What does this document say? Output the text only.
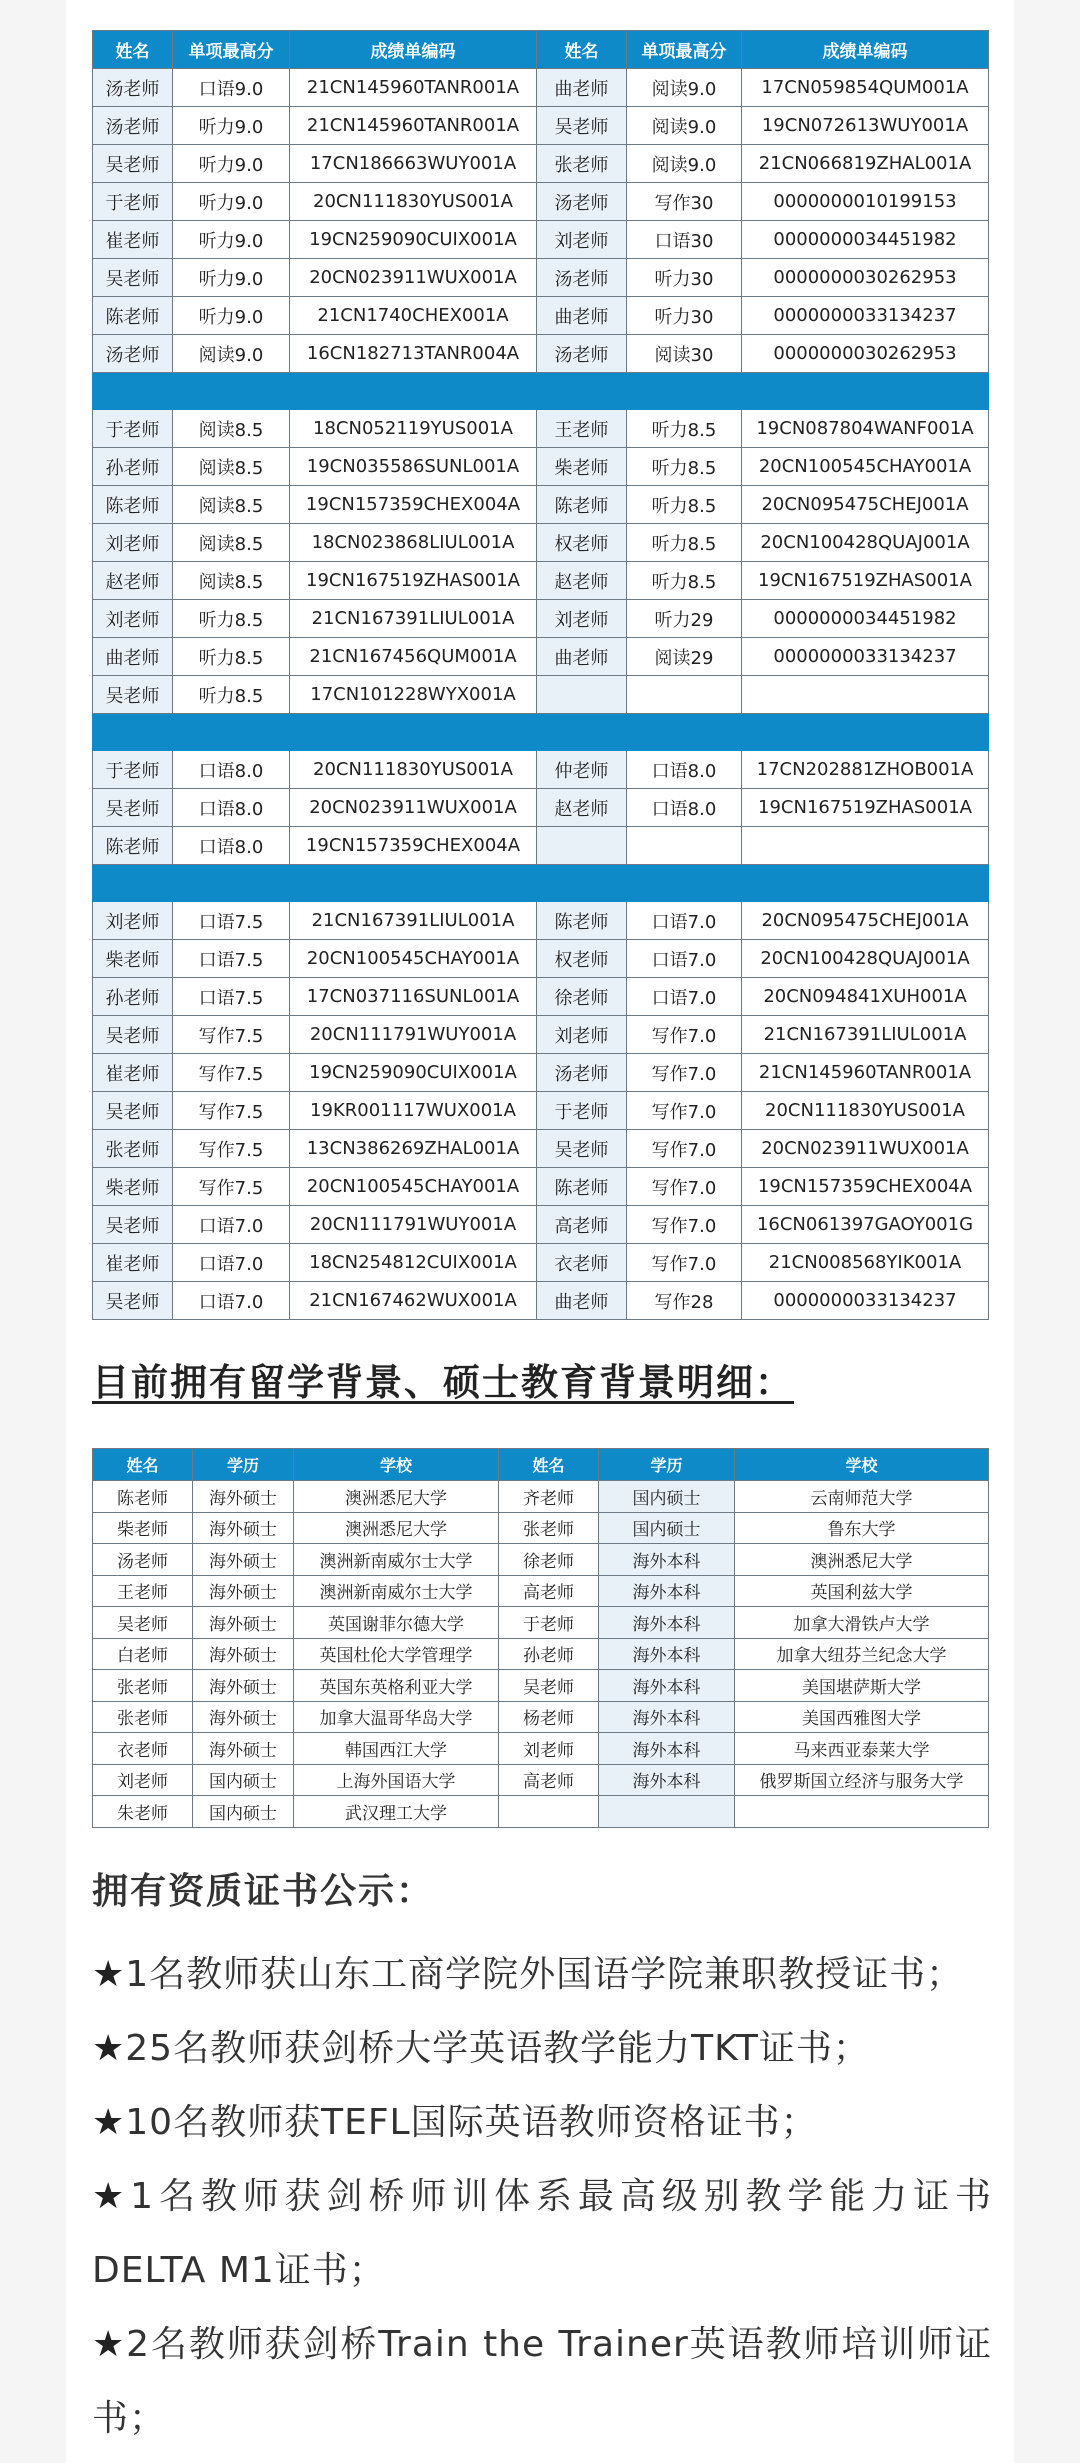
姓名	单项最高分	成绩单编码	姓名	单项最高分	成绩单编码
汤老师	口语9.0	21CN145960TANR001A	曲老师	阅读9.0	17CN059854QUM001A
汤老师	听力9.0	21CN145960TANR001A	吴老师	阅读9.0	19CN072613WUY001A
吴老师	听力9.0	17CN186663WUY001A	张老师	阅读9.0	21CN066819ZHAL001A
于老师	听力9.0	20CN111830YUS001A	汤老师	写作30	0000000010199153
崔老师	听力9.0	19CN259090CUIX001A	刘老师	口语30	0000000034451982
吴老师	听力9.0	20CN023911WUX001A	汤老师	听力30	0000000030262953
陈老师	听力9.0	21CN1740CHEX001A	曲老师	听力30	0000000033134237
汤老师	阅读9.0	16CN182713TANR004A	汤老师	阅读30	0000000030262953

于老师	阅读8.5	18CN052119YUS001A	王老师	听力8.5	19CN087804WANF001A
孙老师	阅读8.5	19CN035586SUNL001A	柴老师	听力8.5	20CN100545CHAY001A
陈老师	阅读8.5	19CN157359CHEX004A	陈老师	听力8.5	20CN095475CHEJ001A
刘老师	阅读8.5	18CN023868LIUL001A	权老师	听力8.5	20CN100428QUAJ001A
赵老师	阅读8.5	19CN167519ZHAS001A	赵老师	听力8.5	19CN167519ZHAS001A
刘老师	听力8.5	21CN167391LIUL001A	刘老师	听力29	0000000034451982
曲老师	听力8.5	21CN167456QUM001A	曲老师	阅读29	0000000033134237
吴老师	听力8.5	17CN101228WYX001A			

于老师	口语8.0	20CN111830YUS001A	仲老师	口语8.0	17CN202881ZHOB001A
吴老师	口语8.0	20CN023911WUX001A	赵老师	口语8.0	19CN167519ZHAS001A
陈老师	口语8.0	19CN157359CHEX004A			

刘老师	口语7.5	21CN167391LIUL001A	陈老师	口语7.0	20CN095475CHEJ001A
柴老师	口语7.5	20CN100545CHAY001A	权老师	口语7.0	20CN100428QUAJ001A
孙老师	口语7.5	17CN037116SUNL001A	徐老师	口语7.0	20CN094841XUH001A
吴老师	写作7.5	20CN111791WUY001A	刘老师	写作7.0	21CN167391LIUL001A
崔老师	写作7.5	19CN259090CUIX001A	汤老师	写作7.0	21CN145960TANR001A
吴老师	写作7.5	19KR001117WUX001A	于老师	写作7.0	20CN111830YUS001A
张老师	写作7.5	13CN386269ZHAL001A	吴老师	写作7.0	20CN023911WUX001A
柴老师	写作7.5	20CN100545CHAY001A	陈老师	写作7.0	19CN157359CHEX004A
吴老师	口语7.0	20CN111791WUY001A	高老师	写作7.0	16CN061397GAOY001G
崔老师	口语7.0	18CN254812CUIX001A	衣老师	写作7.0	21CN008568YIK001A
吴老师	口语7.0	21CN167462WUX001A	曲老师	写作28	0000000033134237
目前拥有留学背景、硕士教育背景明细：
姓名	学历	学校	姓名	学历	学校
陈老师	海外硕士	澳洲悉尼大学	齐老师	国内硕士	云南师范大学
柴老师	海外硕士	澳洲悉尼大学	张老师	国内硕士	鲁东大学
汤老师	海外硕士	澳洲新南威尔士大学	徐老师	海外本科	澳洲悉尼大学
王老师	海外硕士	澳洲新南威尔士大学	高老师	海外本科	英国利兹大学
吴老师	海外硕士	英国谢菲尔德大学	于老师	海外本科	加拿大滑铁卢大学
白老师	海外硕士	英国杜伦大学管理学	孙老师	海外本科	加拿大纽芬兰纪念大学
张老师	海外硕士	英国东英格利亚大学	吴老师	海外本科	美国堪萨斯大学
张老师	海外硕士	加拿大温哥华岛大学	杨老师	海外本科	美国西雅图大学
衣老师	海外硕士	韩国西江大学	刘老师	海外本科	马来西亚泰莱大学
刘老师	国内硕士	上海外国语大学	高老师	海外本科	俄罗斯国立经济与服务大学
朱老师	国内硕士	武汉理工大学			
拥有资质证书公示：

★1名教师获山东工商学院外国语学院兼职教授证书；

★25名教师获剑桥大学英语教学能力TKT证书；

★10名教师获TEFL国际英语教师资格证书；

★1名教师获剑桥师训体系最高级别教学能力证书

DELTA M1证书；

★2名教师获剑桥Train the Trainer英语教师培训师证

书；
